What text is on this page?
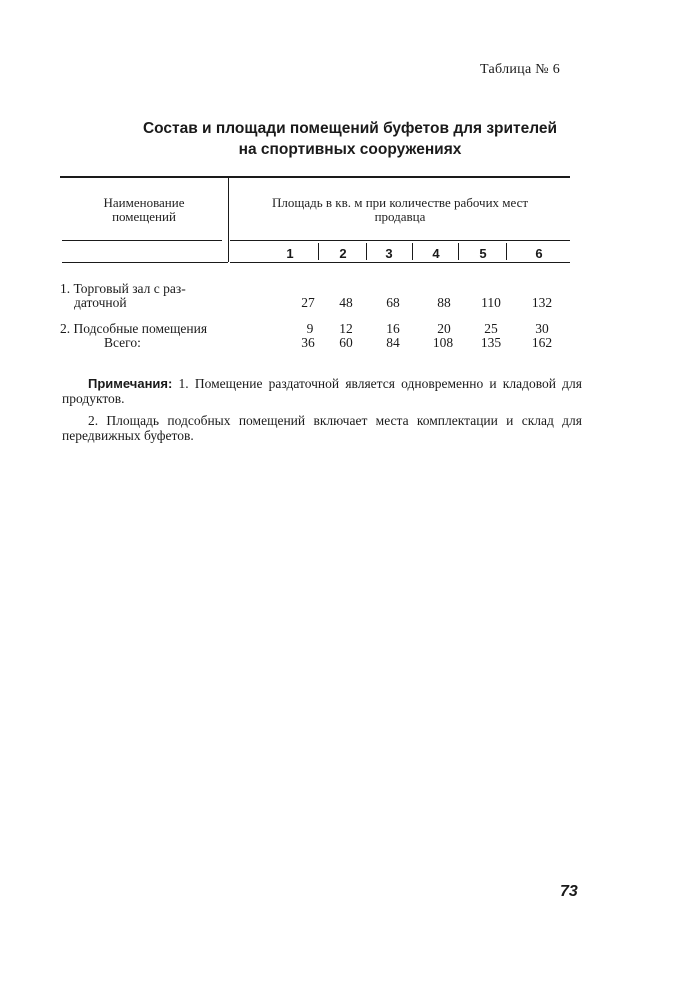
Таблица № 6
Состав и площади помещений буфетов для зрителей
на спортивных сооружениях
Наименование
помещений
Площадь в кв. м при количестве рабочих мест
продавца
1	2	3	4	5	6
1. Торговый зал с раз-
даточной	27	48	68	88	110	132
2. Подсобные помещения	9	12	16	20	25	30
Всего:	36	60	84	108	135	162

Примечания: 1. Помещение раздаточной является одновременно и кладовой для продуктов.

2. Площадь подсобных помещений включает места комплектации и склад для передвижных буфетов.

73
